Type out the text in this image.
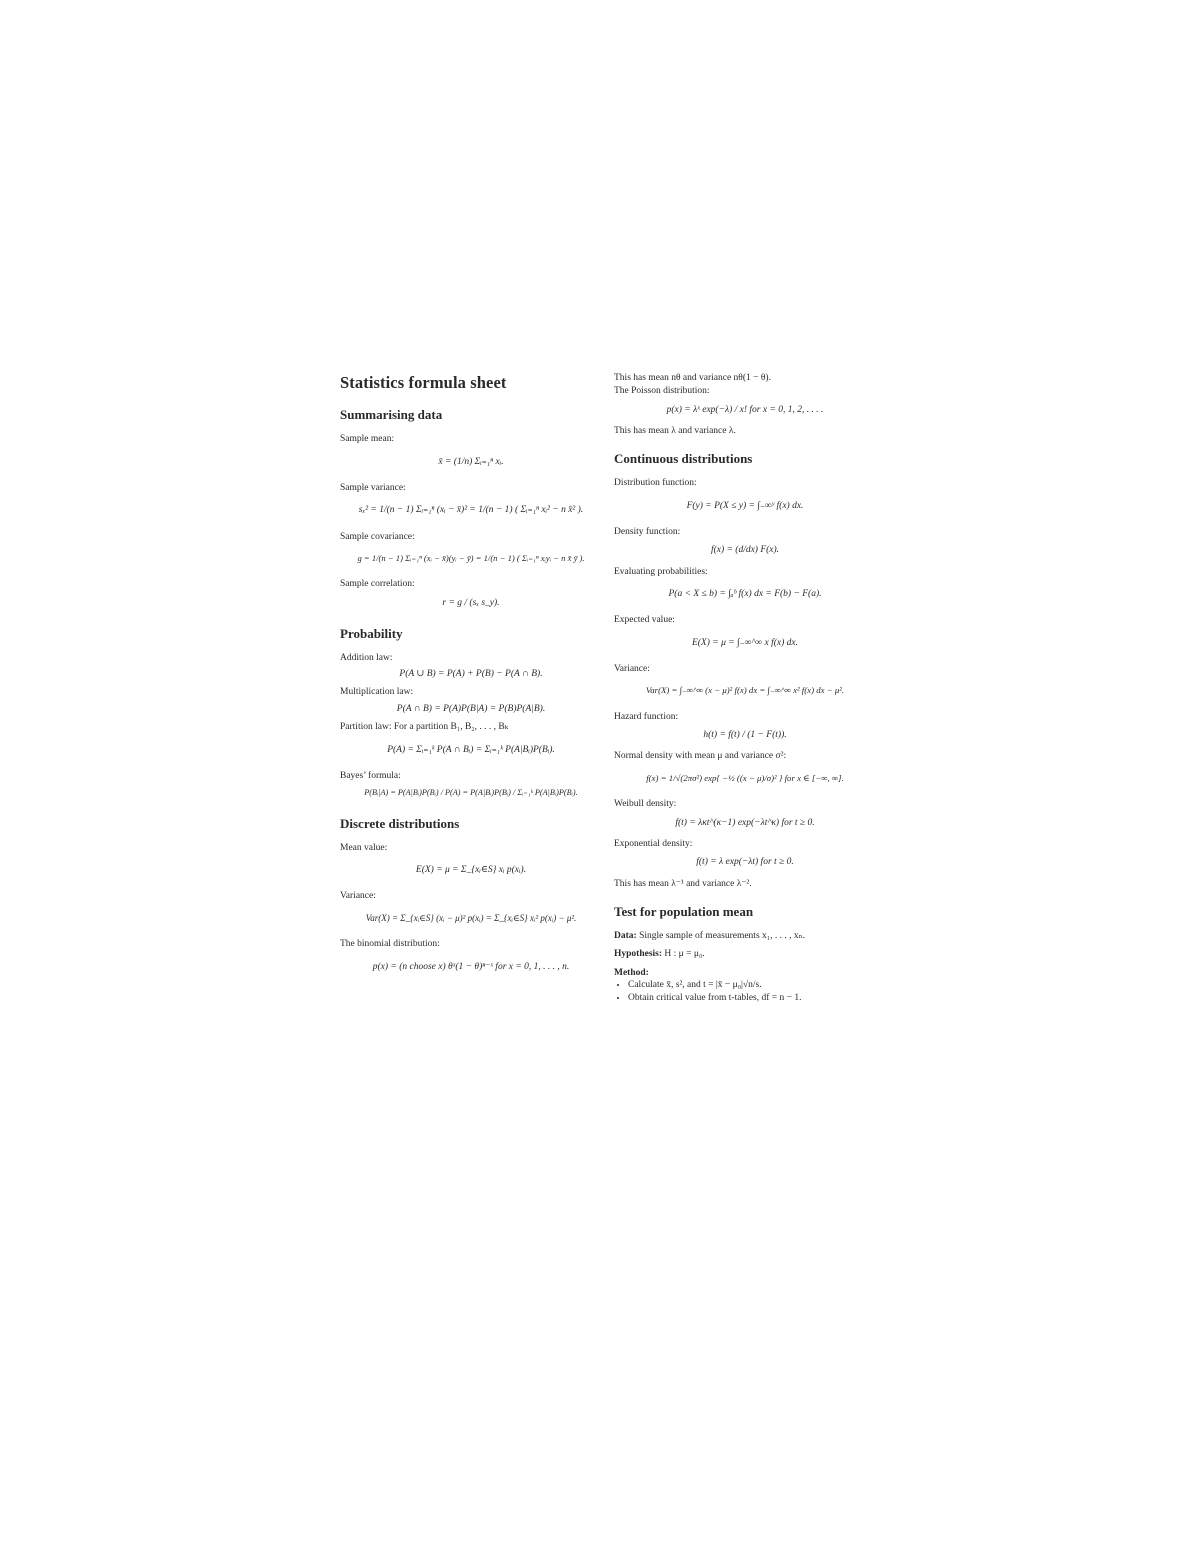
Statistics formula sheet
Summarising data

Sample mean:

x̄ = (1/n) Σᵢ₌₁ⁿ xᵢ.

Sample variance:

sₓ² = 1/(n − 1) Σᵢ₌₁ⁿ (xᵢ − x̄)² = 1/(n − 1) ( Σᵢ₌₁ⁿ xᵢ² − n x̄² ).

Sample covariance:

g = 1/(n − 1) Σᵢ₌₁ⁿ (xᵢ − x̄)(yᵢ − ȳ) = 1/(n − 1) ( Σᵢ₌₁ⁿ xᵢyᵢ − n x̄ ȳ ).

Sample correlation:

r = g / (sₓ s_y).

Probability

Addition law:

P(A ∪ B) = P(A) + P(B) − P(A ∩ B).

Multiplication law:

P(A ∩ B) = P(A)P(B|A) = P(B)P(A|B).

Partition law: For a partition B₁, B₂, . . . , Bₖ

P(A) = Σᵢ₌₁ᵏ P(A ∩ Bᵢ) = Σᵢ₌₁ᵏ P(A|Bᵢ)P(Bᵢ).

Bayes’ formula:

P(Bᵢ|A) = P(A|Bᵢ)P(Bᵢ) / P(A) = P(A|Bᵢ)P(Bᵢ) / Σᵢ₌₁ᵏ P(A|Bᵢ)P(Bᵢ).

Discrete distributions

Mean value:

E(X) = μ = Σ_{xᵢ∈S} xᵢ p(xᵢ).

Variance:

Var(X) = Σ_{xᵢ∈S} (xᵢ − μ)² p(xᵢ) = Σ_{xᵢ∈S} xᵢ² p(xᵢ) − μ².

The binomial distribution:

p(x) = (n choose x) θˣ(1 − θ)ⁿ⁻ˣ for x = 0, 1, . . . , n.

This has mean nθ and variance nθ(1 − θ).

The Poisson distribution:

p(x) = λˣ exp(−λ) / x! for x = 0, 1, 2, . . . .

This has mean λ and variance λ.

Continuous distributions

Distribution function:

F(y) = P(X ≤ y) = ∫₋∞ʸ f(x) dx.

Density function:

f(x) = (d/dx) F(x).

Evaluating probabilities:

P(a < X ≤ b) = ∫ₐᵇ f(x) dx = F(b) − F(a).

Expected value:

E(X) = μ = ∫₋∞^∞ x f(x) dx.

Variance:

Var(X) = ∫₋∞^∞ (x − μ)² f(x) dx = ∫₋∞^∞ x² f(x) dx − μ².

Hazard function:

h(t) = f(t) / (1 − F(t)).

Normal density with mean μ and variance σ²:

f(x) = 1/√(2πσ²) exp{ −½ ((x − μ)/σ)² } for x ∈ [−∞, ∞].

Weibull density:

f(t) = λκt^(κ−1) exp(−λt^κ) for t ≥ 0.

Exponential density:

f(t) = λ exp(−λt) for t ≥ 0.

This has mean λ⁻¹ and variance λ⁻².

Test for population mean

Data: Single sample of measurements x₁, . . . , xₙ.

Hypothesis: H : μ = μ₀.

Method:

• Calculate x̄, s², and t = |x̄ − μ₀|√n/s.
• Obtain critical value from t-tables, df = n − 1.
